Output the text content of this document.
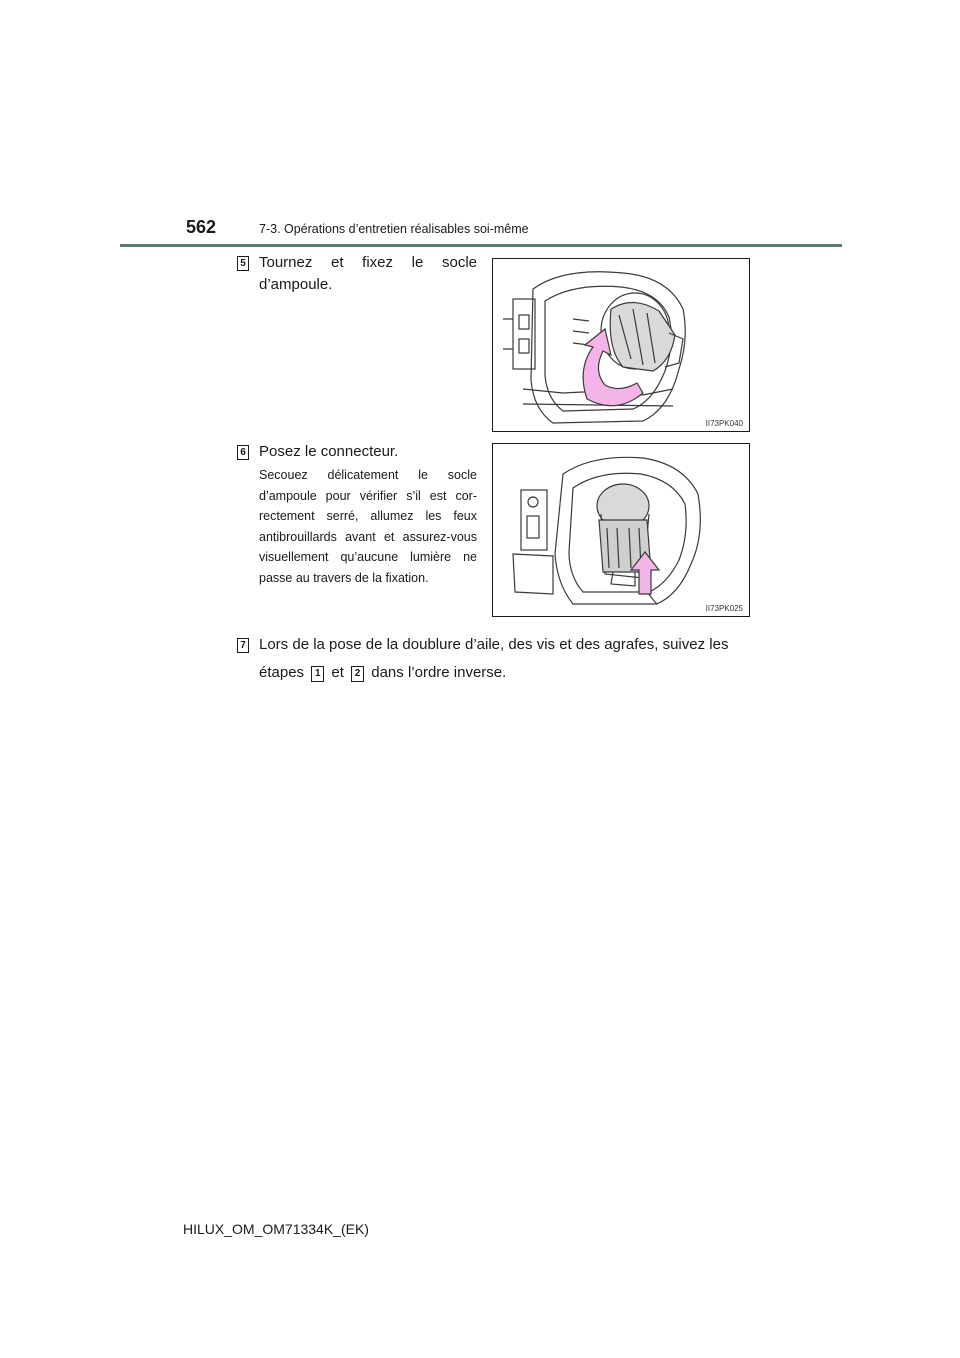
562	7-3. Opérations d’entretien réalisables soi-même
5 Tournez et fixez le socle d’ampoule.
II73PK040
6 Posez le connecteur.
Secouez délicatement le socle d’ampoule pour vérifier s’il est cor-rectement serré, allumez les feux antibrouillards avant et assurez-vous visuellement qu’aucune lumière ne passe au travers de la fixation.
II73PK025
7 Lors de la pose de la doublure d’aile, des vis et des agrafes, suivez les
étapes 1 et 2 dans l’ordre inverse.
HILUX_OM_OM71334K_(EK)
